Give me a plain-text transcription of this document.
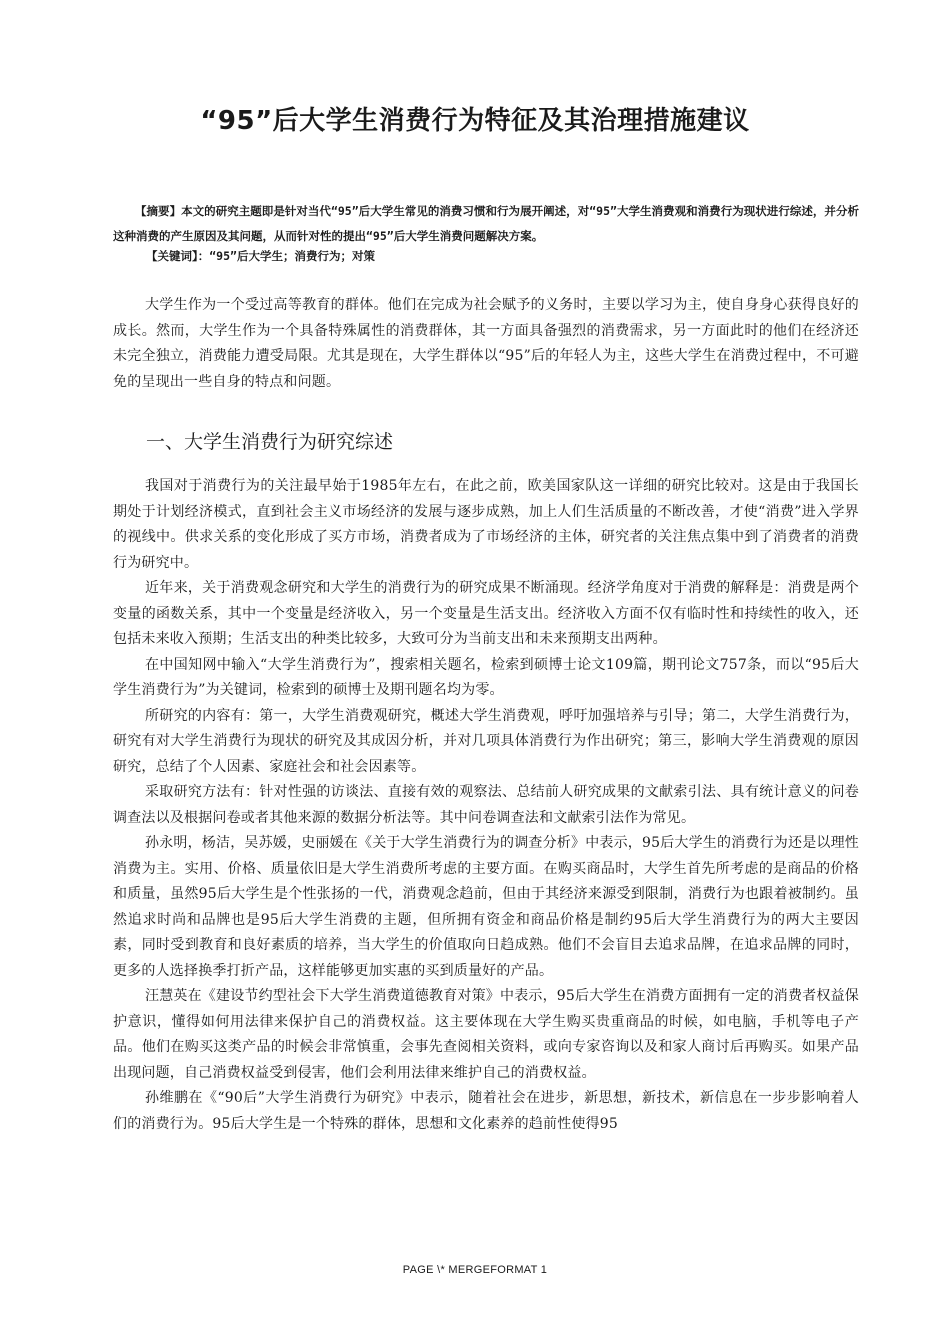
“95”后大学生消费行为特征及其治理措施建议
【摘要】本文的研究主题即是针对当代“95”后大学生常见的消费习惯和行为展开阐述，对“95”大学生消费观和消费行为现状进行综述，并分析这种消费的产生原因及其问题，从而针对性的提出“95”后大学生消费问题解决方案。
【关键词】：“95”后大学生；消费行为；对策

大学生作为一个受过高等教育的群体。他们在完成为社会赋予的义务时，主要以学习为主，使自身身心获得良好的成长。然而，大学生作为一个具备特殊属性的消费群体，其一方面具备强烈的消费需求，另一方面此时的他们在经济还未完全独立，消费能力遭受局限。尤其是现在，大学生群体以“95”后的年轻人为主，这些大学生在消费过程中，不可避免的呈现出一些自身的特点和问题。

一、大学生消费行为研究综述

我国对于消费行为的关注最早始于1985年左右，在此之前，欧美国家队这一详细的研究比较对。这是由于我国长期处于计划经济模式，直到社会主义市场经济的发展与逐步成熟，加上人们生活质量的不断改善，才使“消费”进入学界的视线中。供求关系的变化形成了买方市场，消费者成为了市场经济的主体，研究者的关注焦点集中到了消费者的消费行为研究中。

近年来，关于消费观念研究和大学生的消费行为的研究成果不断涌现。经济学角度对于消费的解释是：消费是两个变量的函数关系，其中一个变量是经济收入，另一个变量是生活支出。经济收入方面不仅有临时性和持续性的收入，还包括未来收入预期；生活支出的种类比较多，大致可分为当前支出和未来预期支出两种。

在中国知网中输入“大学生消费行为”，搜索相关题名，检索到硕博士论文109篇，期刊论文757条，而以“95后大学生消费行为”为关键词，检索到的硕博士及期刊题名均为零。

所研究的内容有：第一，大学生消费观研究，概述大学生消费观，呼吁加强培养与引导；第二，大学生消费行为，研究有对大学生消费行为现状的研究及其成因分析，并对几项具体消费行为作出研究；第三，影响大学生消费观的原因研究，总结了个人因素、家庭社会和社会因素等。

采取研究方法有：针对性强的访谈法、直接有效的观察法、总结前人研究成果的文献索引法、具有统计意义的问卷调查法以及根据问卷或者其他来源的数据分析法等。其中问卷调查法和文献索引法作为常见。

孙永明，杨洁，吴苏媛，史丽媛在《关于大学生消费行为的调查分析》中表示，95后大学生的消费行为还是以理性消费为主。实用、价格、质量依旧是大学生消费所考虑的主要方面。在购买商品时，大学生首先所考虑的是商品的价格和质量，虽然95后大学生是个性张扬的一代，消费观念趋前，但由于其经济来源受到限制，消费行为也跟着被制约。虽然追求时尚和品牌也是95后大学生消费的主题，但所拥有资金和商品价格是制约95后大学生消费行为的两大主要因素，同时受到教育和良好素质的培养，当大学生的价值取向日趋成熟。他们不会盲目去追求品牌，在追求品牌的同时，更多的人选择换季打折产品，这样能够更加实惠的买到质量好的产品。

汪慧英在《建设节约型社会下大学生消费道德教育对策》中表示，95后大学生在消费方面拥有一定的消费者权益保护意识，懂得如何用法律来保护自己的消费权益。这主要体现在大学生购买贵重商品的时候，如电脑，手机等电子产品。他们在购买这类产品的时候会非常慎重，会事先查阅相关资料，或向专家咨询以及和家人商讨后再购买。如果产品出现问题，自己消费权益受到侵害，他们会利用法律来维护自己的消费权益。

孙维鹏在《“90后”大学生消费行为研究》中表示，随着社会在进步，新思想，新技术，新信息在一步步影响着人们的消费行为。95后大学生是一个特殊的群体，思想和文化素养的趋前性使得95

PAGE \* MERGEFORMAT 1
